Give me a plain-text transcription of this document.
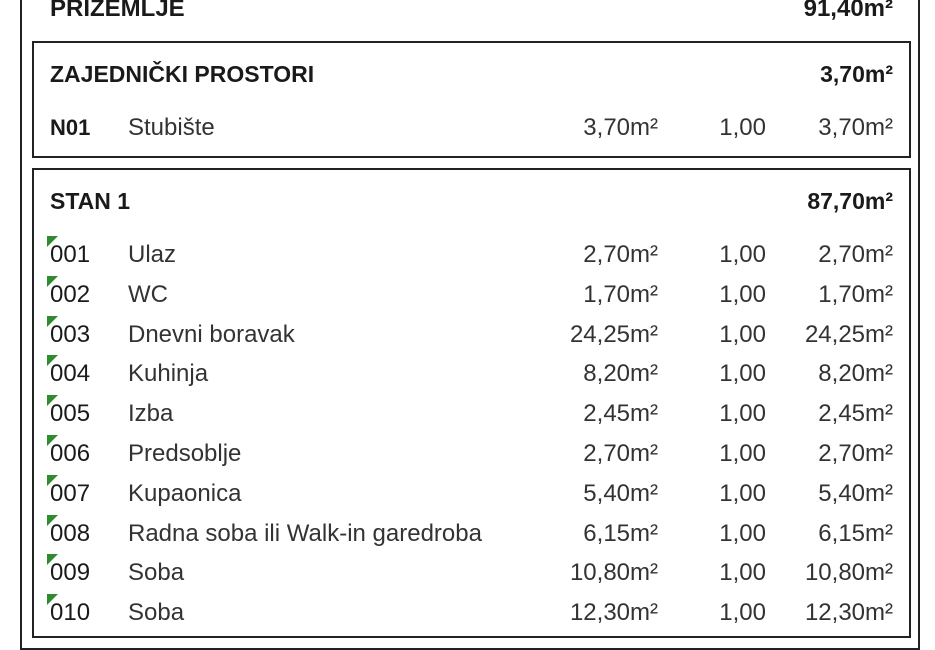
PRIZEMLJE	91,40m²
ZAJEDNIČKI PROSTORI	3,70m²
N01	Stubište	3,70m²	1,00	3,70m²
STAN 1	87,70m²
001	Ulaz	2,70m²	1,00	2,70m²
002	WC	1,70m²	1,00	1,70m²
003	Dnevni boravak	24,25m²	1,00	24,25m²
004	Kuhinja	8,20m²	1,00	8,20m²
005	Izba	2,45m²	1,00	2,45m²
006	Predsoblje	2,70m²	1,00	2,70m²
007	Kupaonica	5,40m²	1,00	5,40m²
008	Radna soba ili Walk-in garedroba	6,15m²	1,00	6,15m²
009	Soba	10,80m²	1,00	10,80m²
010	Soba	12,30m²	1,00	12,30m²
